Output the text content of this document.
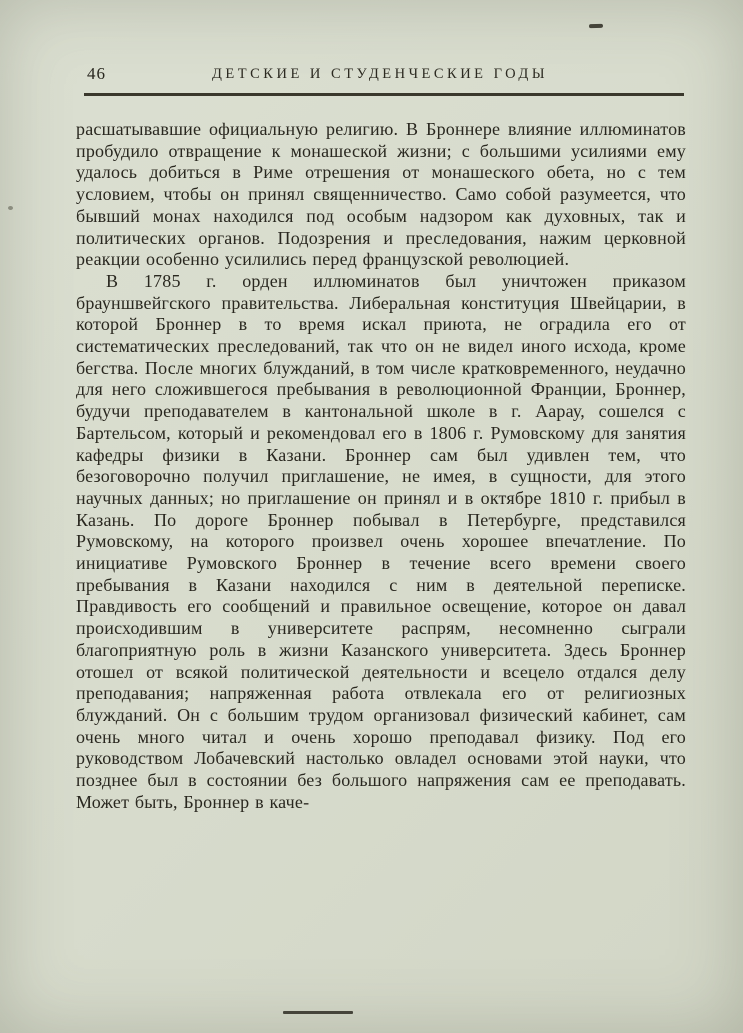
46	ДЕТСКИЕ И СТУДЕНЧЕСКИЕ ГОДЫ

расшатывавшие официальную религию. В Броннере влияние иллюминатов пробудило отвращение к монашеской жизни; с большими усилиями ему удалось добиться в Риме отрешения от монашеского обета, но с тем условием, чтобы он принял священничество. Само собой разумеется, что бывший монах находился под особым надзором как духовных, так и политических органов. Подозрения и преследования, нажим церковной реакции особенно усилились перед французской революцией.

В 1785 г. орден иллюминатов был уничтожен приказом брауншвейгского правительства. Либеральная конституция Швейцарии, в которой Броннер в то время искал приюта, не оградила его от систематических преследований, так что он не видел иного исхода, кроме бегства. После многих блужданий, в том числе кратковременного, неудачно для него сложившегося пребывания в революционной Франции, Броннер, будучи преподавателем в кантональной школе в г. Аарау, сошелся с Бартельсом, который и рекомендовал его в 1806 г. Румовскому для занятия кафедры физики в Казани. Броннер сам был удивлен тем, что безоговорочно получил приглашение, не имея, в сущности, для этого научных данных; но приглашение он принял и в октябре 1810 г. прибыл в Казань. По дороге Броннер побывал в Петербурге, представился Румовскому, на которого произвел очень хорошее впечатление. По инициативе Румовского Броннер в течение всего времени своего пребывания в Казани находился с ним в деятельной переписке. Правдивость его сообщений и правильное освещение, которое он давал происходившим в университете распрям, несомненно сыграли благоприятную роль в жизни Казанского университета. Здесь Броннер отошел от всякой политической деятельности и всецело отдался делу преподавания; напряженная работа отвлекала его от религиозных блужданий. Он с большим трудом организовал физический кабинет, сам очень много читал и очень хорошо преподавал физику. Под его руководством Лобачевский настолько овладел основами этой науки, что позднее был в состоянии без большого напряжения сам ее преподавать. Может быть, Броннер в каче-
